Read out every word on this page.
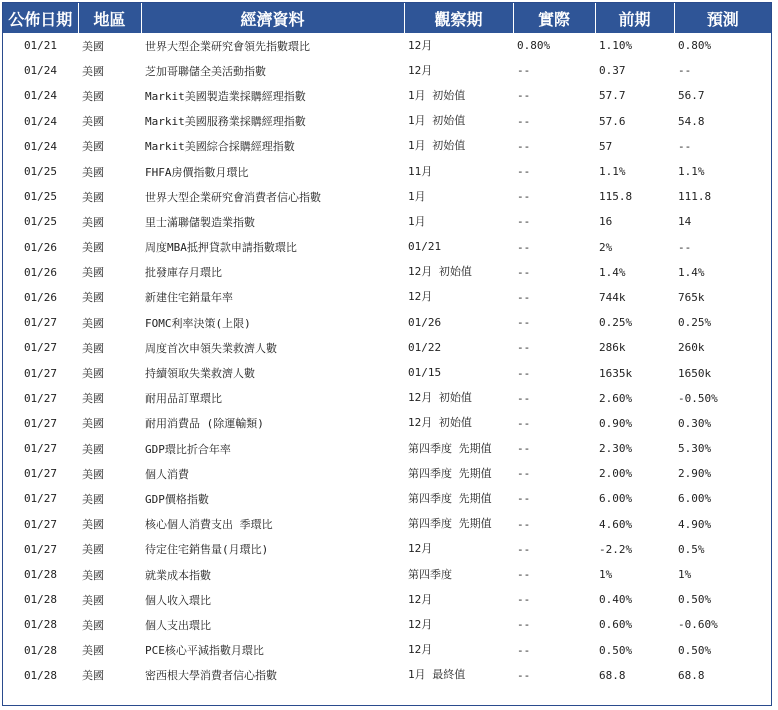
公佈日期	地區	經濟資料	觀察期	實際	前期	預測
01/21	美國	世界大型企業研究會領先指數環比	12月	0.80%	1.10%	0.80%
01/24	美國	芝加哥聯儲全美活動指數	12月	--	0.37	--
01/24	美國	Markit美國製造業採購經理指數	1月 初始值	--	57.7	56.7
01/24	美國	Markit美國服務業採購經理指數	1月 初始值	--	57.6	54.8
01/24	美國	Markit美國綜合採購經理指數	1月 初始值	--	57	--
01/25	美國	FHFA房價指數月環比	11月	--	1.1%	1.1%
01/25	美國	世界大型企業研究會消費者信心指數	1月	--	115.8	111.8
01/25	美國	里士滿聯儲製造業指數	1月	--	16	14
01/26	美國	周度MBA抵押貸款申請指數環比	01/21	--	2%	--
01/26	美國	批發庫存月環比	12月 初始值	--	1.4%	1.4%
01/26	美國	新建住宅銷量年率	12月	--	744k	765k
01/27	美國	FOMC利率決策(上限)	01/26	--	0.25%	0.25%
01/27	美國	周度首次申領失業救濟人數	01/22	--	286k	260k
01/27	美國	持續領取失業救濟人數	01/15	--	1635k	1650k
01/27	美國	耐用品訂單環比	12月 初始值	--	2.60%	-0.50%
01/27	美國	耐用消費品 (除運輸類)	12月 初始值	--	0.90%	0.30%
01/27	美國	GDP環比折合年率	第四季度 先期值	--	2.30%	5.30%
01/27	美國	個人消費	第四季度 先期值	--	2.00%	2.90%
01/27	美國	GDP價格指數	第四季度 先期值	--	6.00%	6.00%
01/27	美國	核心個人消費支出 季環比	第四季度 先期值	--	4.60%	4.90%
01/27	美國	待定住宅銷售量(月環比)	12月	--	-2.2%	0.5%
01/28	美國	就業成本指數	第四季度	--	1%	1%
01/28	美國	個人收入環比	12月	--	0.40%	0.50%
01/28	美國	個人支出環比	12月	--	0.60%	-0.60%
01/28	美國	PCE核心平減指數月環比	12月	--	0.50%	0.50%
01/28	美國	密西根大學消費者信心指數	1月 最終值	--	68.8	68.8
